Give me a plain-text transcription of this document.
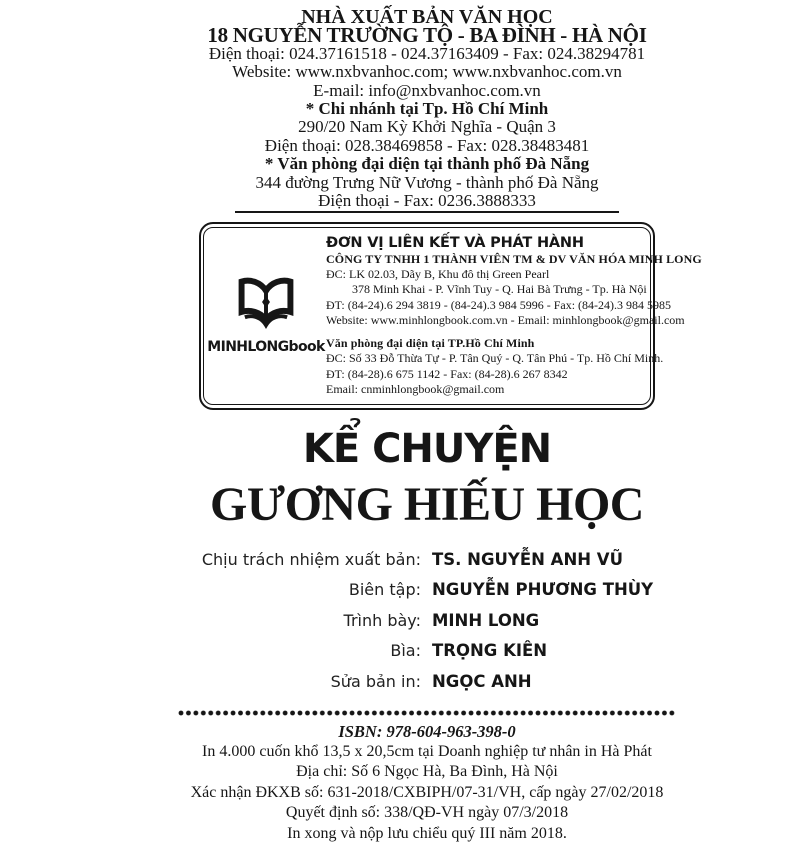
NHÀ XUẤT BẢN VĂN HỌC
18 NGUYỄN TRƯỜNG TỘ - BA ĐÌNH - HÀ NỘI
Điện thoại: 024.37161518 - 024.37163409 - Fax: 024.38294781
Website: www.nxbvanhoc.com; www.nxbvanhoc.com.vn
E-mail: info@nxbvanhoc.com.vn
* Chi nhánh tại Tp. Hồ Chí Minh
290/20 Nam Kỳ Khởi Nghĩa - Quận 3
Điện thoại: 028.38469858 - Fax: 028.38483481
* Văn phòng đại diện tại thành phố Đà Nẵng
344 đường Trưng Nữ Vương - thành phố Đà Nẵng
Điện thoại - Fax: 0236.3888333
MINHLONGbook
ĐƠN VỊ LIÊN KẾT VÀ PHÁT HÀNH
CÔNG TY TNHH 1 THÀNH VIÊN TM & DV VĂN HÓA MINH LONG
ĐC: LK 02.03, Dãy B, Khu đô thị Green Pearl
378 Minh Khai - P. Vĩnh Tuy - Q. Hai Bà Trưng - Tp. Hà Nội
ĐT: (84-24).6 294 3819 - (84-24).3 984 5996 - Fax: (84-24).3 984 5985
Website: www.minhlongbook.com.vn - Email: minhlongbook@gmail.com
Văn phòng đại diện tại TP.Hồ Chí Minh
ĐC: Số 33 Đỗ Thừa Tự - P. Tân Quý - Q. Tân Phú - Tp. Hồ Chí Minh.
ĐT: (84-28).6 675 1142 - Fax: (84-28).6 267 8342
Email: cnminhlongbook@gmail.com
KỂ CHUYỆN
GƯƠNG HIẾU HỌC
Chịu trách nhiệm xuất bản: TS. NGUYỄN ANH VŨ
Biên tập: NGUYỄN PHƯƠNG THÙY
Trình bày: MINH LONG
Bìa: TRỌNG KIÊN
Sửa bản in: NGỌC ANH
ISBN: 978-604-963-398-0
In 4.000 cuốn khổ 13,5 x 20,5cm tại Doanh nghiệp tư nhân in Hà Phát
Địa chỉ: Số 6 Ngọc Hà, Ba Đình, Hà Nội
Xác nhận ĐKXB số: 631-2018/CXBIPH/07-31/VH, cấp ngày 27/02/2018
Quyết định số: 338/QĐ-VH ngày 07/3/2018
In xong và nộp lưu chiểu quý III năm 2018.
